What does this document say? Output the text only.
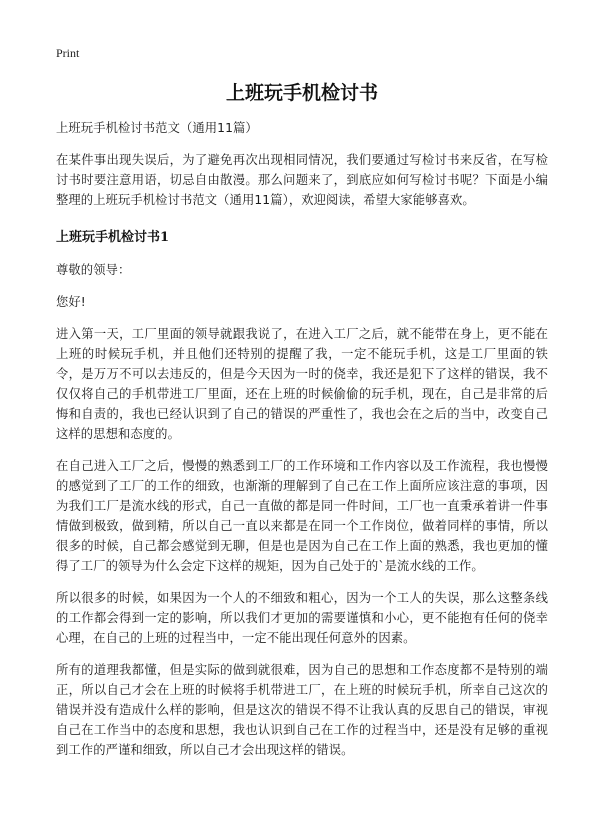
Print
上班玩手机检讨书

上班玩手机检讨书范文（通用11篇）

在某件事出现失误后，为了避免再次出现相同情况，我们要通过写检讨书来反省，在写检讨书时要注意用语，切忌自由散漫。那么问题来了，到底应如何写检讨书呢？下面是小编整理的上班玩手机检讨书范文（通用11篇），欢迎阅读，希望大家能够喜欢。

上班玩手机检讨书1

尊敬的领导：

您好!

进入第一天，工厂里面的领导就跟我说了，在进入工厂之后，就不能带在身上，更不能在上班的时候玩手机，并且他们还特别的提醒了我，一定不能玩手机，这是工厂里面的铁令，是万万不可以去违反的，但是今天因为一时的侥幸，我还是犯下了这样的错误，我不仅仅将自己的手机带进工厂里面，还在上班的时候偷偷的玩手机，现在，自己是非常的后悔和自责的，我也已经认识到了自己的错误的严重性了，我也会在之后的当中，改变自己这样的思想和态度的。

在自己进入工厂之后，慢慢的熟悉到工厂的工作环境和工作内容以及工作流程，我也慢慢的感觉到了工厂的工作的细致，也渐渐的理解到了自己在工作上面所应该注意的事项，因为我们工厂是流水线的形式，自己一直做的都是同一件时间，工厂也一直秉承着讲一件事情做到极致，做到精，所以自己一直以来都是在同一个工作岗位，做着同样的事情，所以很多的时候，自己都会感觉到无聊，但是也是因为自己在工作上面的熟悉，我也更加的懂得了工厂的领导为什么会定下这样的规矩，因为自己处于的`是流水线的工作。

所以很多的时候，如果因为一个人的不细致和粗心，因为一个工人的失误，那么这整条线的工作都会得到一定的影响，所以我们才更加的需要谨慎和小心，更不能抱有任何的侥幸心理，在自己的上班的过程当中，一定不能出现任何意外的因素。

所有的道理我都懂，但是实际的做到就很难，因为自己的思想和工作态度都不是特别的端正，所以自己才会在上班的时候将手机带进工厂，在上班的时候玩手机，所幸自己这次的错误并没有造成什么样的影响，但是这次的错误不得不让我认真的反思自己的错误，审视自己在工作当中的态度和思想，我也认识到自己在工作的过程当中，还是没有足够的重视到工作的严谨和细致，所以自己才会出现这样的错误。
